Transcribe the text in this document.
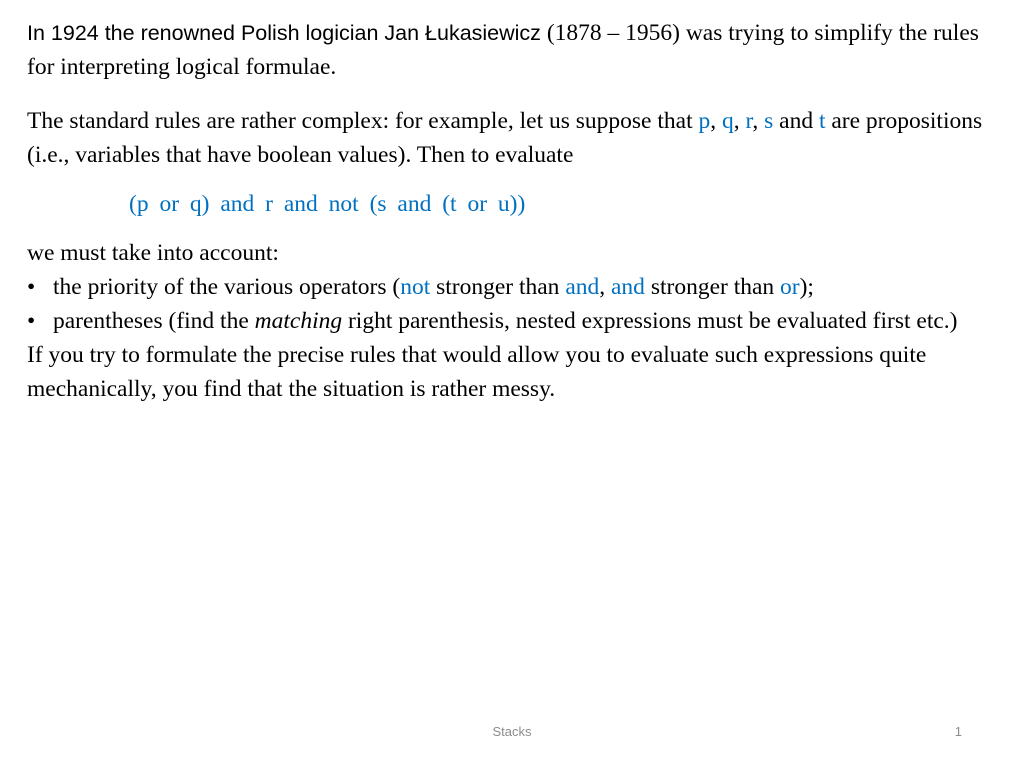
In 1924 the renowned Polish logician Jan Łukasiewicz (1878 – 1956) was trying to simplify the rules for interpreting logical formulae.

The standard rules are rather complex: for example, let us suppose that p, q, r, s and t are propositions (i.e., variables that have boolean values). Then to evaluate

(p or q) and r and not (s and (t or u))

we must take into account:

• the priority of the various operators (not stronger than and, and stronger than or);
• parentheses (find the matching right parenthesis, nested expressions must be evaluated first etc.)

If you try to formulate the precise rules that would allow you to evaluate such expressions quite mechanically, you find that the situation is rather messy.

Stacks	1
